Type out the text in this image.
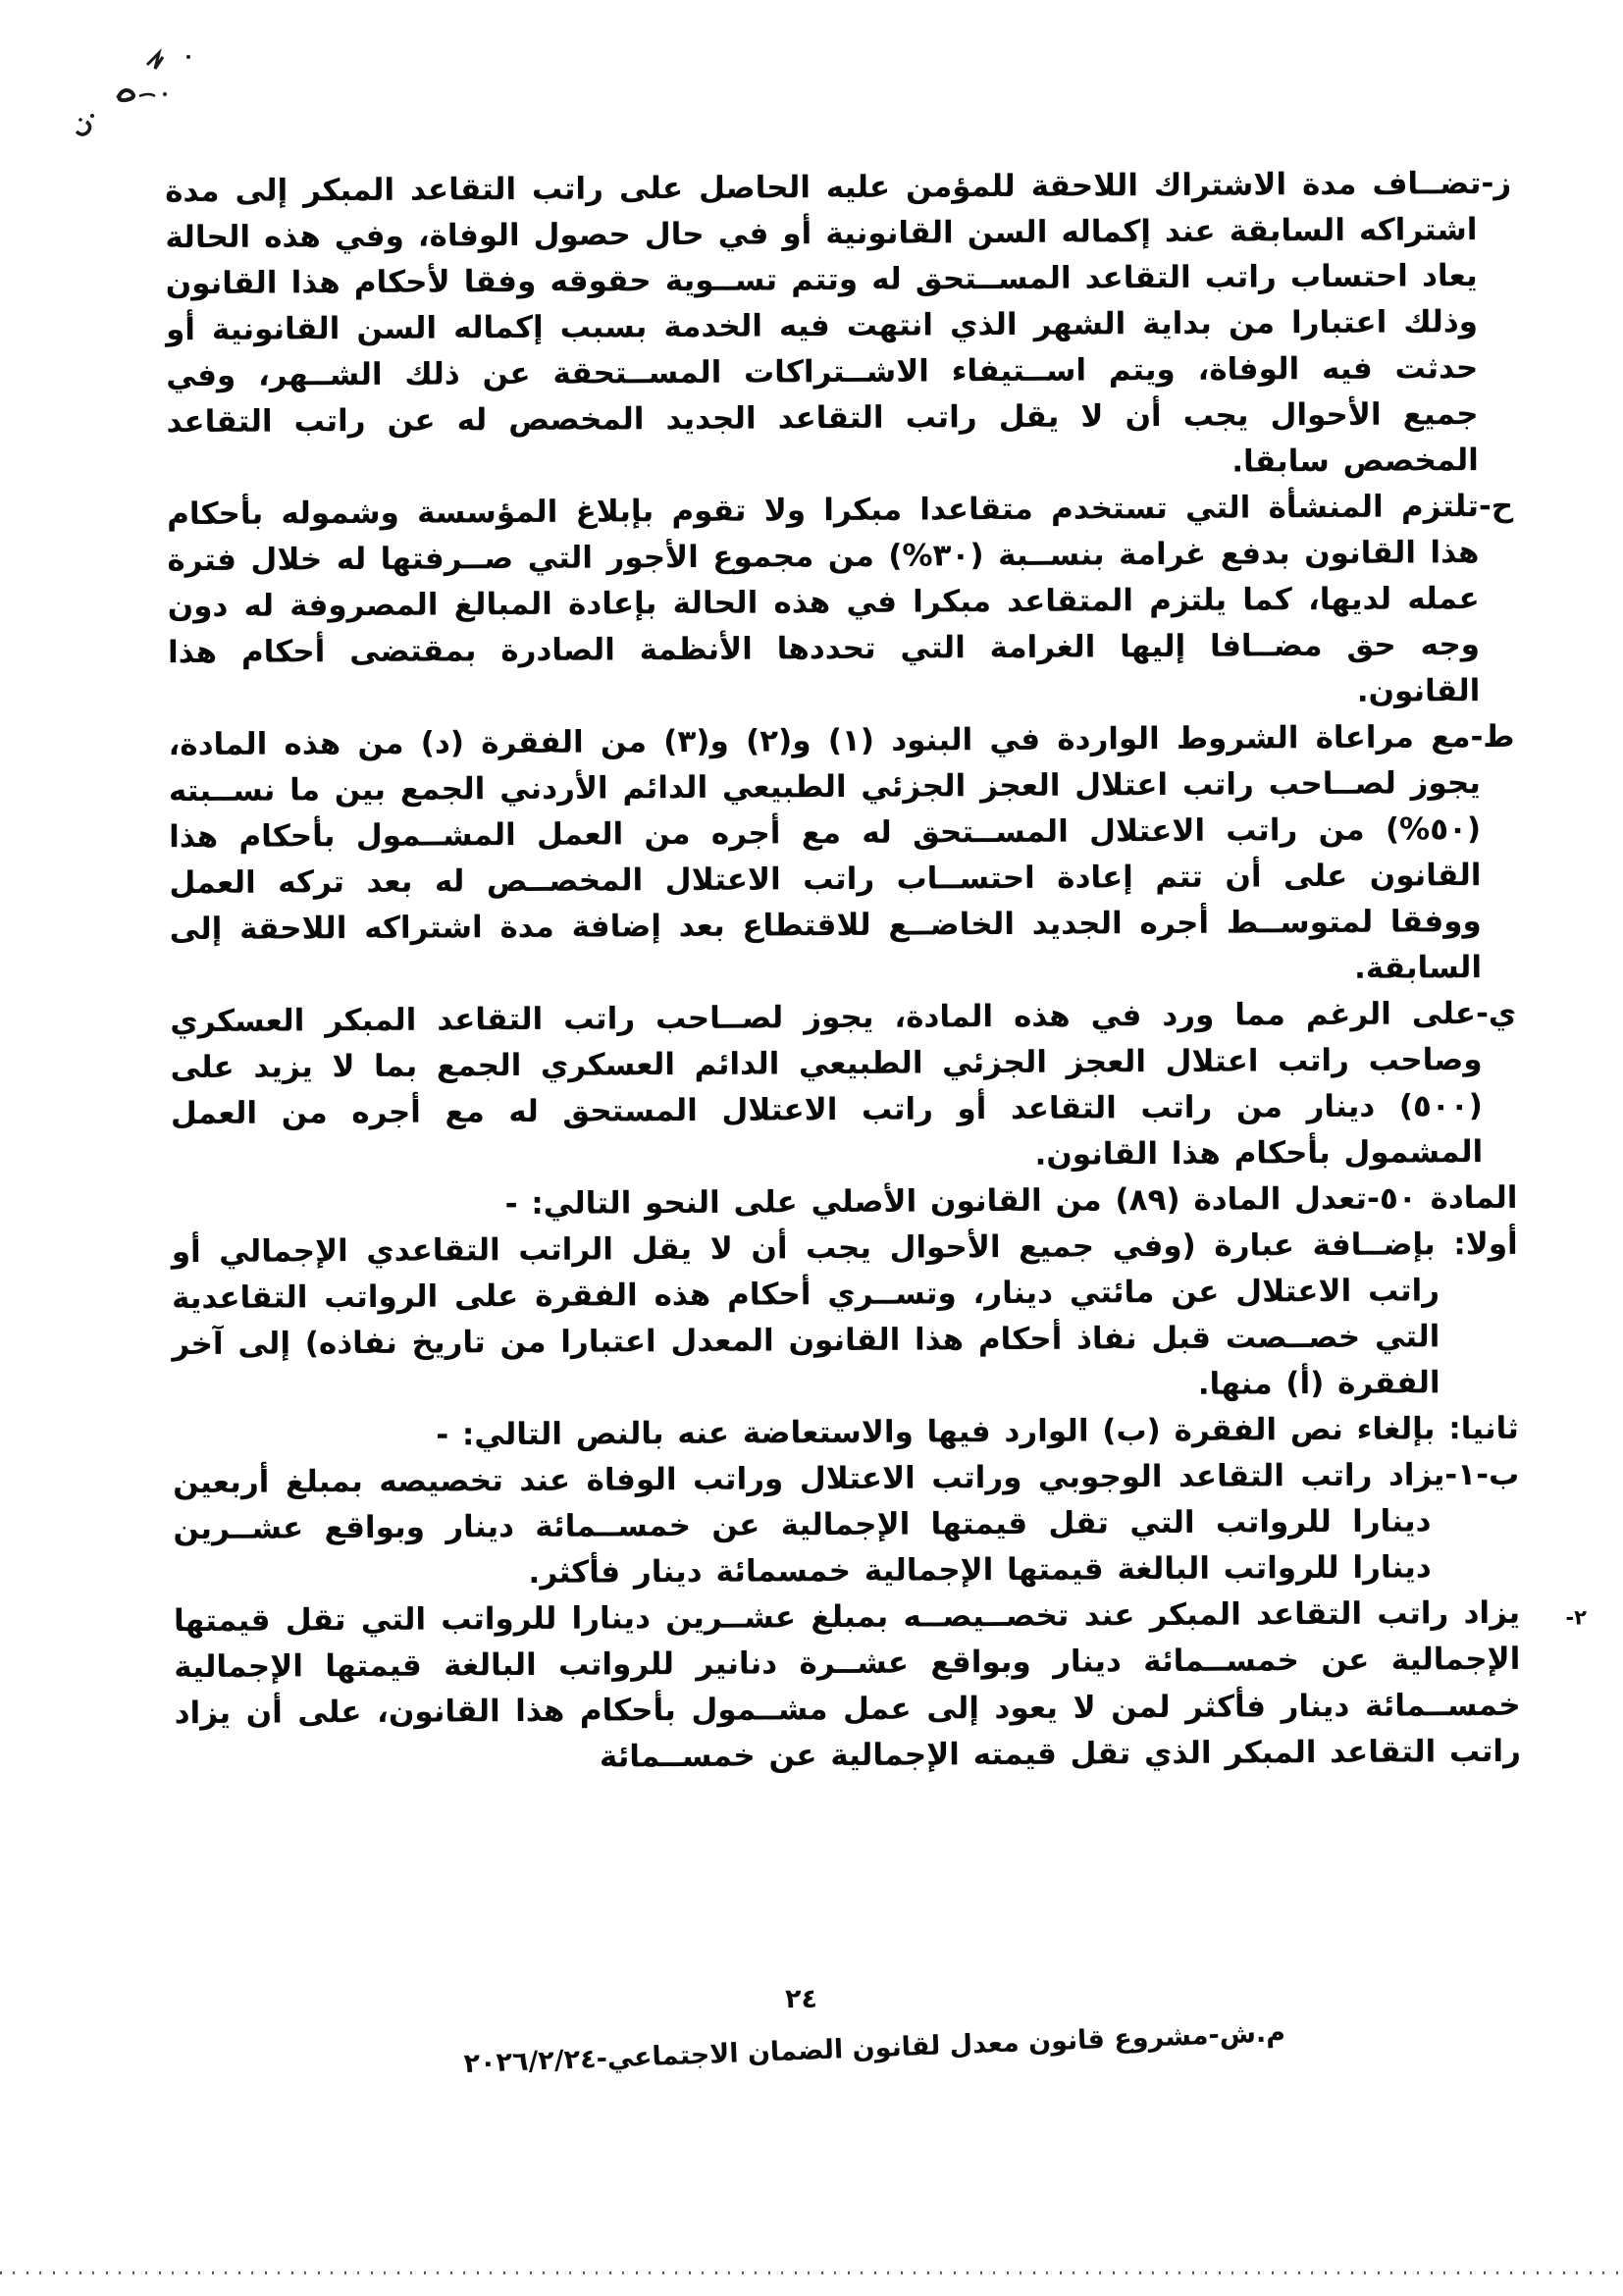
ز-تضــاف مدة الاشتراك اللاحقة للمؤمن عليه الحاصل على راتب التقاعد المبكر إلى مدة اشتراكه السابقة عند إكماله السن القانونية أو في حال حصول الوفاة، وفي هذه الحالة يعاد احتساب راتب التقاعد المســتحق له وتتم تســوية حقوقه وفقا لأحكام هذا القانون وذلك اعتبارا من بداية الشهر الذي انتهت فيه الخدمة بسبب إكماله السن القانونية أو حدثت فيه الوفاة، ويتم اســتيفاء الاشــتراكات المســتحقة عن ذلك الشــهر، وفي جميع الأحوال يجب أن لا يقل راتب التقاعد الجديد المخصص له عن راتب التقاعد المخصص سابقا.

ح-تلتزم المنشأة التي تستخدم متقاعدا مبكرا ولا تقوم بإبلاغ المؤسسة وشموله بأحكام هذا القانون بدفع غرامة بنســبة (٣٠%) من مجموع الأجور التي صــرفتها له خلال فترة عمله لديها، كما يلتزم المتقاعد مبكرا في هذه الحالة بإعادة المبالغ المصروفة له دون وجه حق مضــافا إليها الغرامة التي تحددها الأنظمة الصادرة بمقتضى أحكام هذا القانون.

ط-مع مراعاة الشروط الواردة في البنود (١) و(٢) و(٣) من الفقرة (د) من هذه المادة، يجوز لصــاحب راتب اعتلال العجز الجزئي الطبيعي الدائم الأردني الجمع بين ما نســبته (٥٠%) من راتب الاعتلال المســتحق له مع أجره من العمل المشــمول بأحكام هذا القانون على أن تتم إعادة احتســاب راتب الاعتلال المخصــص له بعد تركه العمل ووفقا لمتوســط أجره الجديد الخاضــع للاقتطاع بعد إضافة مدة اشتراكه اللاحقة إلى السابقة.

ي-على الرغم مما ورد في هذه المادة، يجوز لصــاحب راتب التقاعد المبكر العسكري وصاحب راتب اعتلال العجز الجزئي الطبيعي الدائم العسكري الجمع بما لا يزيد على (٥٠٠) دينار من راتب التقاعد أو راتب الاعتلال المستحق له مع أجره من العمل المشمول بأحكام هذا القانون.

المادة ٥٠-تعدل المادة (٨٩) من القانون الأصلي على النحو التالي: -

أولا: بإضــافة عبارة (وفي جميع الأحوال يجب أن لا يقل الراتب التقاعدي الإجمالي أو راتب الاعتلال عن مائتي دينار، وتســري أحكام هذه الفقرة على الرواتب التقاعدية التي خصــصت قبل نفاذ أحكام هذا القانون المعدل اعتبارا من تاريخ نفاذه) إلى آخر الفقرة (أ) منها.

ثانيا: بإلغاء نص الفقرة (ب) الوارد فيها والاستعاضة عنه بالنص التالي: -

ب-١-يزاد راتب التقاعد الوجوبي وراتب الاعتلال وراتب الوفاة عند تخصيصه بمبلغ أربعين دينارا للرواتب التي تقل قيمتها الإجمالية عن خمســمائة دينار وبواقع عشــرين دينارا للرواتب البالغة قيمتها الإجمالية خمسمائة دينار فأكثر.

٢-
يزاد راتب التقاعد المبكر عند تخصــيصــه بمبلغ عشــرين دينارا للرواتب التي تقل قيمتها الإجمالية عن خمســمائة دينار وبواقع عشــرة دنانير للرواتب البالغة قيمتها الإجمالية خمســمائة دينار فأكثر لمن لا يعود إلى عمل مشــمول بأحكام هذا القانون، على أن يزاد راتب التقاعد المبكر الذي تقل قيمته الإجمالية عن خمســمائة

٢٤
م.ش-مشروع قانون معدل لقانون الضمان الاجتماعي-٢٠٢٦/٢/٢٤
